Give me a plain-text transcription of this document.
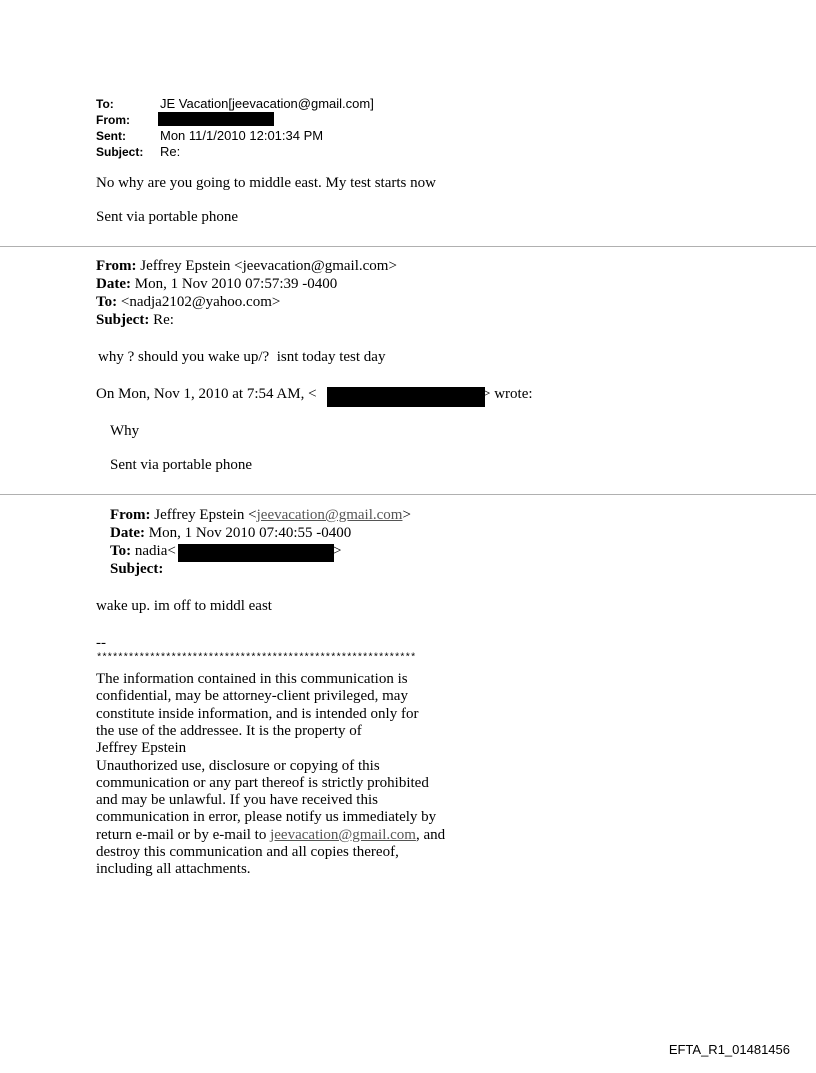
To:	JE Vacation[jeevacation@gmail.com]
From:
Sent:	Mon 11/1/2010 12:01:34 PM
Subject: Re:
No why are you going to middle east. My test starts now
Sent via portable phone
From: Jeffrey Epstein <jeevacation@gmail.com>
Date: Mon, 1 Nov 2010 07:57:39 -0400
To: <nadja2102@yahoo.com>
Subject: Re:
why ? should you wake up/?  isnt today test day
On Mon, Nov 1, 2010 at 7:54 AM, <	> wrote:
Why
Sent via portable phone
From: Jeffrey Epstein <jeevacation@gmail.com>
Date: Mon, 1 Nov 2010 07:40:55 -0400
To: nadia<	>
Subject:
wake up. im off to middl east
--
************************************************************
The information contained in this communication is
confidential, may be attorney-client privileged, may
constitute inside information, and is intended only for
the use of the addressee. It is the property of
Jeffrey Epstein
Unauthorized use, disclosure or copying of this
communication or any part thereof is strictly prohibited
and may be unlawful. If you have received this
communication in error, please notify us immediately by
return e-mail or by e-mail to jeevacation@gmail.com, and
destroy this communication and all copies thereof,
including all attachments.
EFTA_R1_01481456
